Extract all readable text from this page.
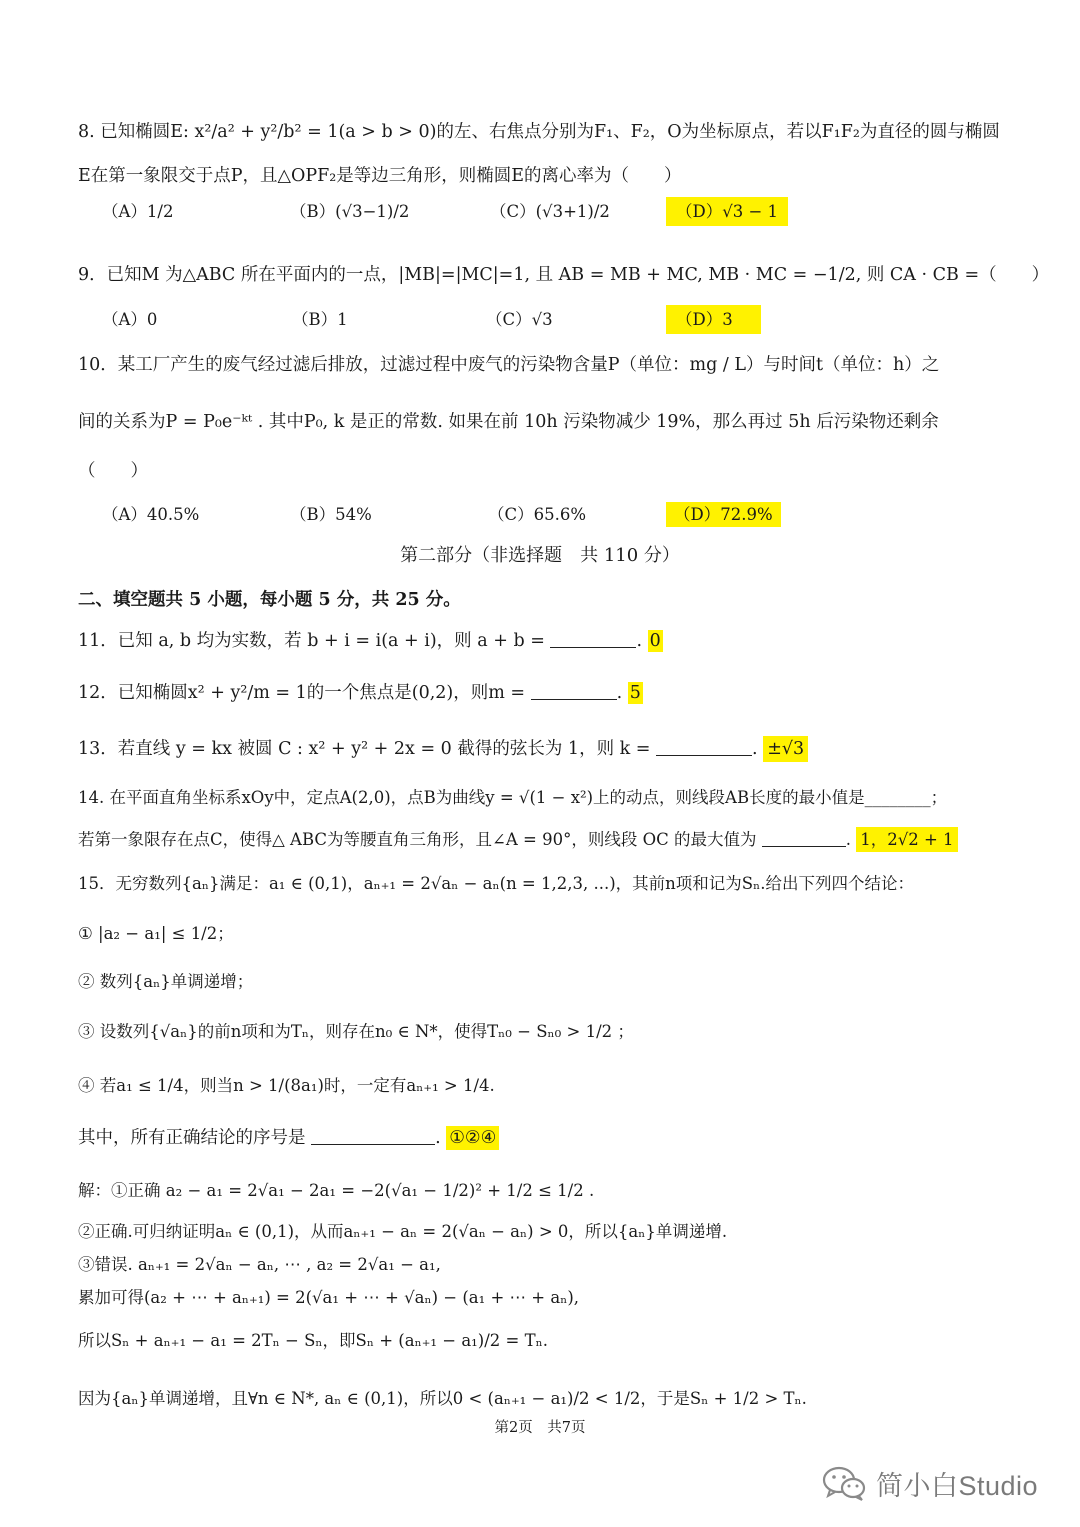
8. 已知椭圆E: x²/a² + y²/b² = 1(a > b > 0)的左、右焦点分别为F₁、F₂，O为坐标原点，若以F₁F₂为直径的圆与椭圆
E在第一象限交于点P，且△OPF₂是等边三角形，则椭圆E的离心率为（　　）
（A）1/2	（B）(√3−1)/2	（C）(√3+1)/2	（D）√3 − 1
9．已知M 为△ABC 所在平面内的一点，|MB|=|MC|=1, 且 AB = MB + MC, MB · MC = −1/2, 则 CA · CB =（　　）
（A）0	（B）1	（C）√3	（D）3
10．某工厂产生的废气经过滤后排放，过滤过程中废气的污染物含量P（单位：mg / L）与时间t（单位：h）之
间的关系为P = P₀e⁻ᵏᵗ . 其中P₀, k 是正的常数. 如果在前 10h 污染物减少 19%，那么再过 5h 后污染物还剩余
（　　）
（A）40.5%	（B）54%	（C）65.6%	（D）72.9%
第二部分（非选择题　共 110 分）
二、填空题共 5 小题，每小题 5 分，共 25 分。
11．已知 a, b 均为实数，若 b + i = i(a + i)，则 a + b =	. 0
12．已知椭圆x² + y²/m = 1的一个焦点是(0,2)，则m =	. 5
13．若直线 y = kx 被圆 C : x² + y² + 2x = 0 截得的弦长为 1，则 k =	. ±√3
14. 在平面直角坐标系xOy中，定点A(2,0)，点B为曲线y = √(1 − x²)上的动点，则线段AB长度的最小值是________；
若第一象限存在点C，使得△ ABC为等腰直角三角形，且∠A = 90°，则线段 OC 的最大值为	. 1，2√2 + 1
15．无穷数列{aₙ}满足：a₁ ∈ (0,1)，aₙ₊₁ = 2√aₙ − aₙ(n = 1,2,3, ...)，其前n项和记为Sₙ.给出下列四个结论：
① |a₂ − a₁| ≤ 1/2；
② 数列{aₙ}单调递增；
③ 设数列{√aₙ}的前n项和为Tₙ，则存在n₀ ∈ N*，使得Tₙ₀ − Sₙ₀ > 1/2 ；
④ 若a₁ ≤ 1/4，则当n > 1/(8a₁)时，一定有aₙ₊₁ > 1/4.
其中，所有正确结论的序号是	. ①②④
解：①正确 a₂ − a₁ = 2√a₁ − 2a₁ = −2(√a₁ − 1/2)² + 1/2 ≤ 1/2 .
②正确.可归纳证明aₙ ∈ (0,1)，从而aₙ₊₁ − aₙ = 2(√aₙ − aₙ) > 0，所以{aₙ}单调递增.
③错误. aₙ₊₁ = 2√aₙ − aₙ, ⋯ , a₂ = 2√a₁ − a₁,
累加可得(a₂ + ⋯ + aₙ₊₁) = 2(√a₁ + ⋯ + √aₙ) − (a₁ + ⋯ + aₙ),
所以Sₙ + aₙ₊₁ − a₁ = 2Tₙ − Sₙ，即Sₙ + (aₙ₊₁ − a₁)/2 = Tₙ.
因为{aₙ}单调递增，且∀n ∈ N*, aₙ ∈ (0,1)，所以0 < (aₙ₊₁ − a₁)/2 < 1/2，于是Sₙ + 1/2 > Tₙ.
第2页　共7页
简小白Studio
